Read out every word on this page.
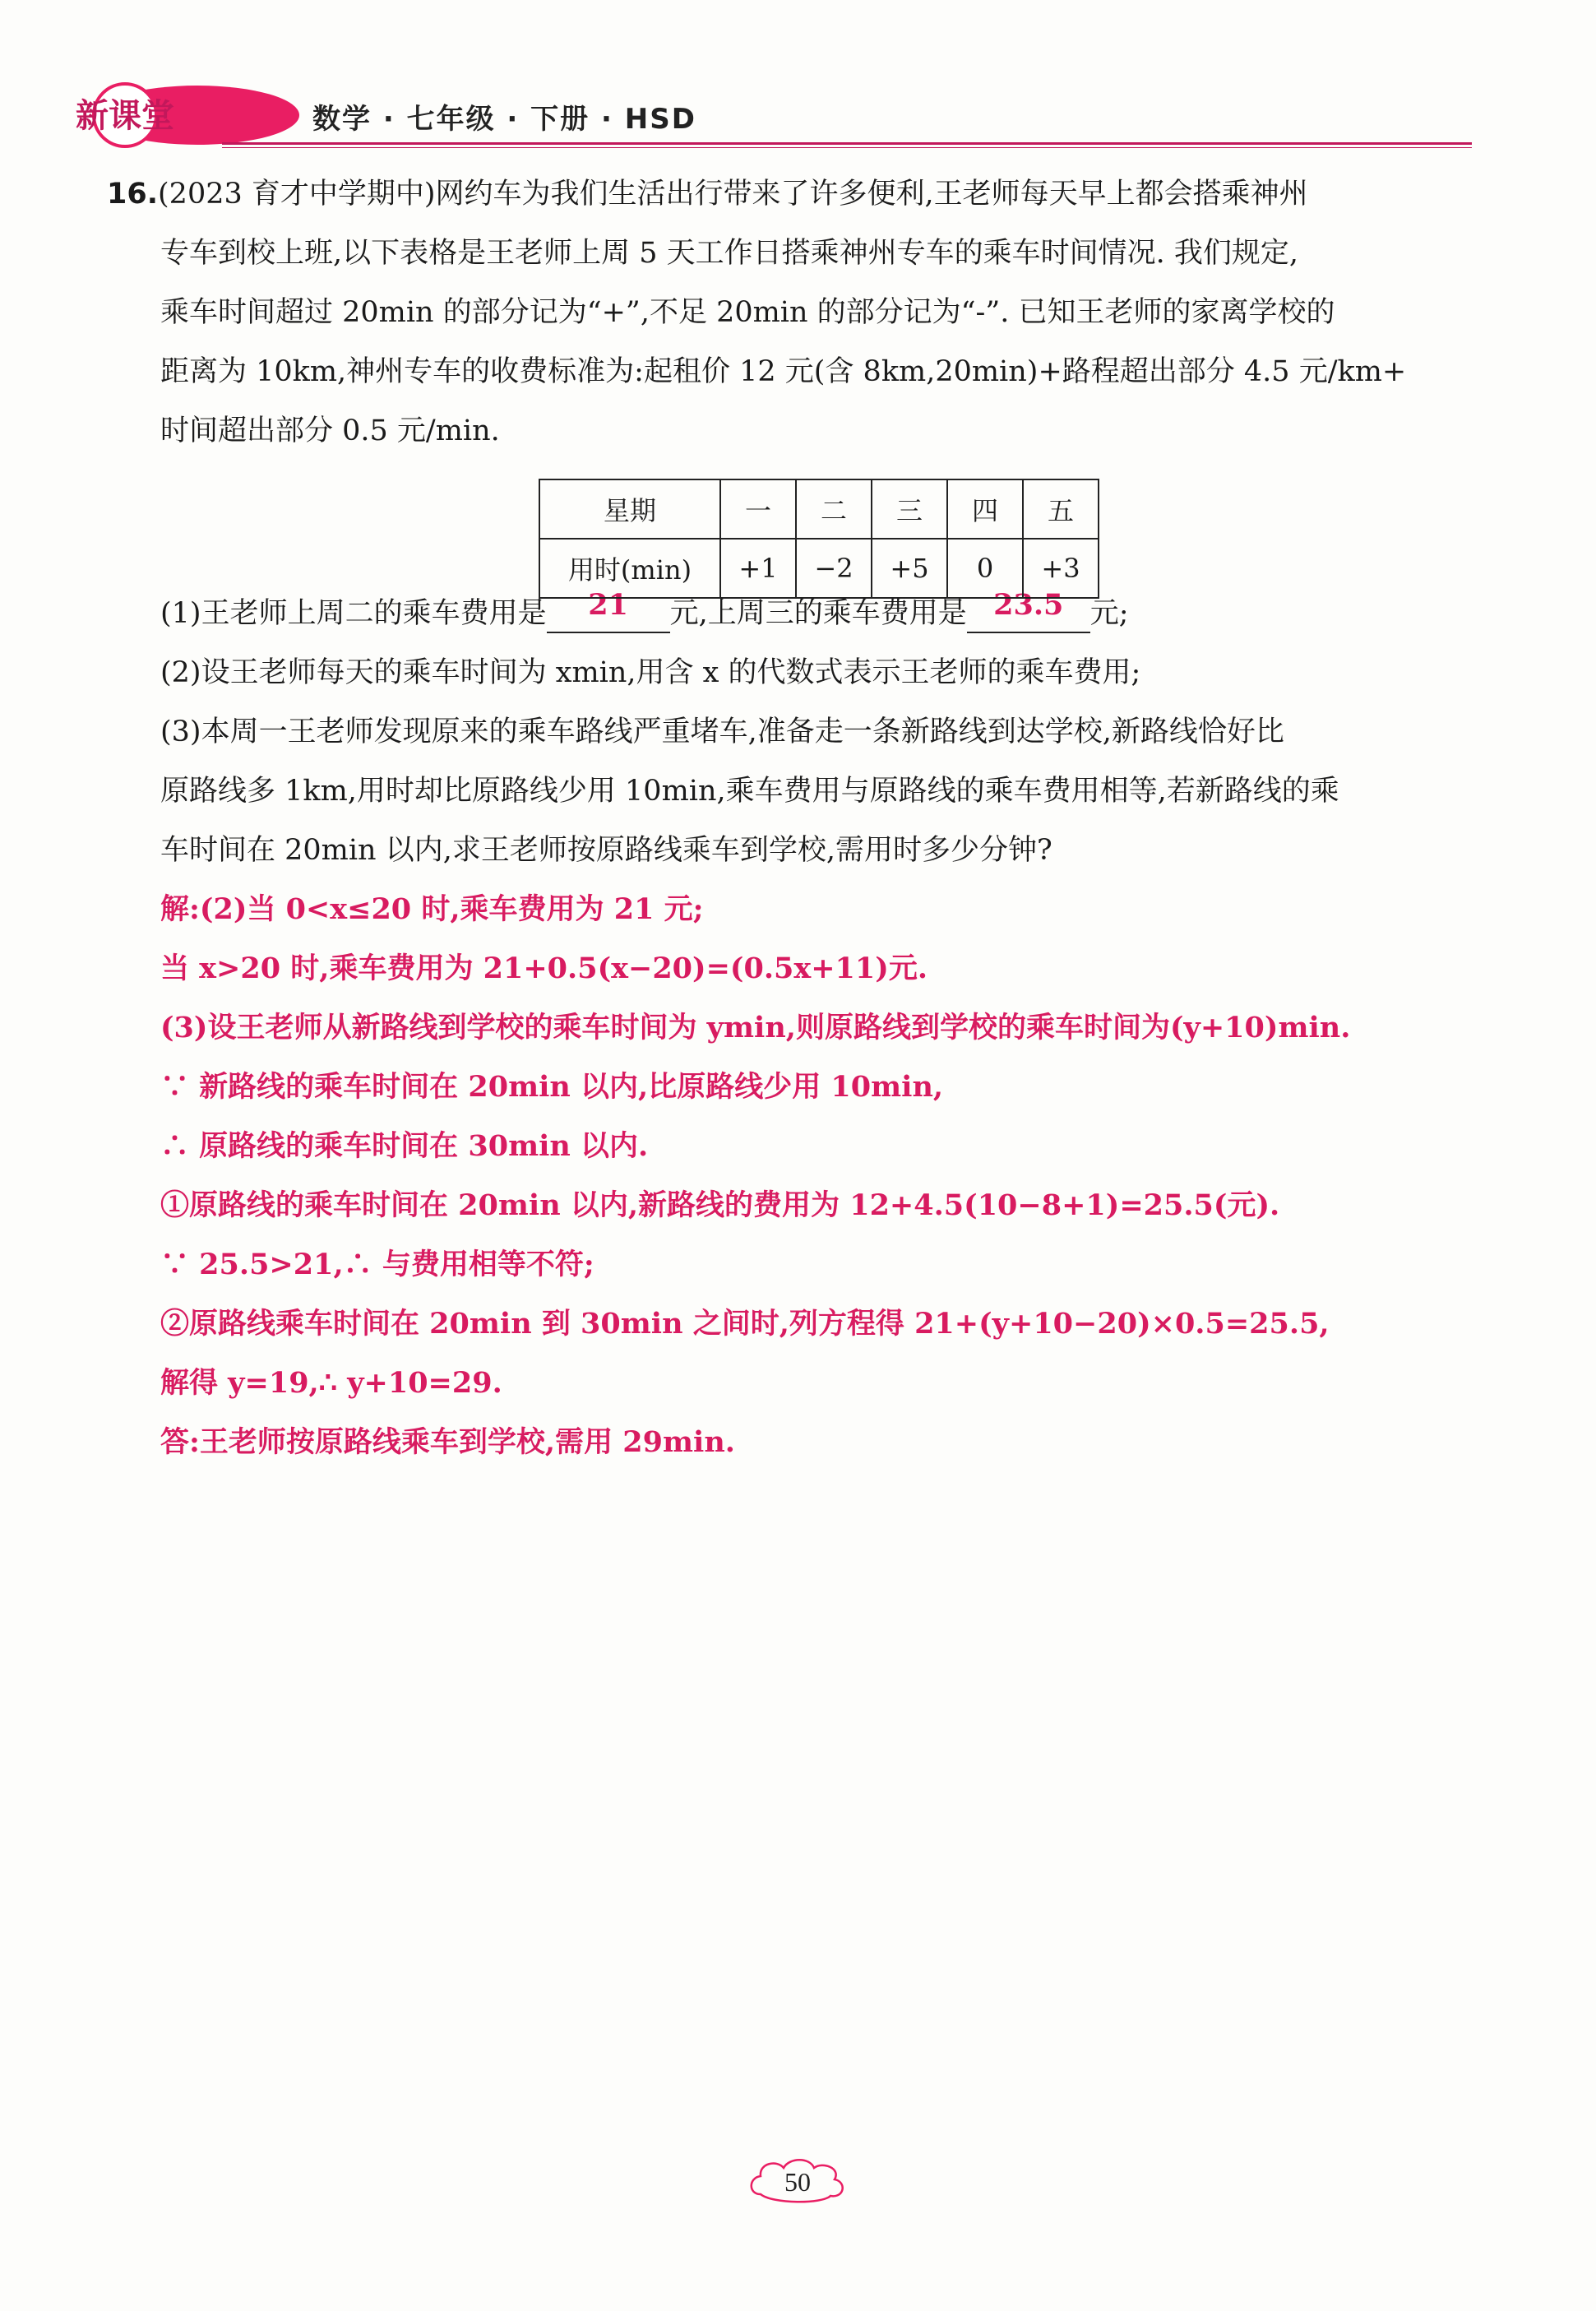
新课堂	数学 · 七年级 · 下册 · HSD
16.(2023 育才中学期中)网约车为我们生活出行带来了许多便利,王老师每天早上都会搭乘神州
专车到校上班,以下表格是王老师上周 5 天工作日搭乘神州专车的乘车时间情况. 我们规定,
乘车时间超过 20min 的部分记为“+”,不足 20min 的部分记为“-”. 已知王老师的家离学校的
距离为 10km,神州专车的收费标准为:起租价 12 元(含 8km,20min)+路程超出部分 4.5 元/km+
时间超出部分 0.5 元/min.
(1)王老师上周二的乘车费用是 21 元,上周三的乘车费用是 23.5 元;
(2)设王老师每天的乘车时间为 xmin,用含 x 的代数式表示王老师的乘车费用;
(3)本周一王老师发现原来的乘车路线严重堵车,准备走一条新路线到达学校,新路线恰好比
原路线多 1km,用时却比原路线少用 10min,乘车费用与原路线的乘车费用相等,若新路线的乘
车时间在 20min 以内,求王老师按原路线乘车到学校,需用时多少分钟?
解:(2)当 0<x≤20 时,乘车费用为 21 元;
当 x>20 时,乘车费用为 21+0.5(x−20)=(0.5x+11)元.
(3)设王老师从新路线到学校的乘车时间为 ymin,则原路线到学校的乘车时间为(y+10)min.
∵ 新路线的乘车时间在 20min 以内,比原路线少用 10min,
∴ 原路线的乘车时间在 30min 以内.
①原路线的乘车时间在 20min 以内,新路线的费用为 12+4.5(10−8+1)=25.5(元).
∵ 25.5>21,∴ 与费用相等不符;
②原路线乘车时间在 20min 到 30min 之间时,列方程得 21+(y+10−20)×0.5=25.5,
解得 y=19,∴ y+10=29.
答:王老师按原路线乘车到学校,需用 29min.
星期	一	二	三	四	五
用时(min)	+1	−2	+5	0	+3
50
